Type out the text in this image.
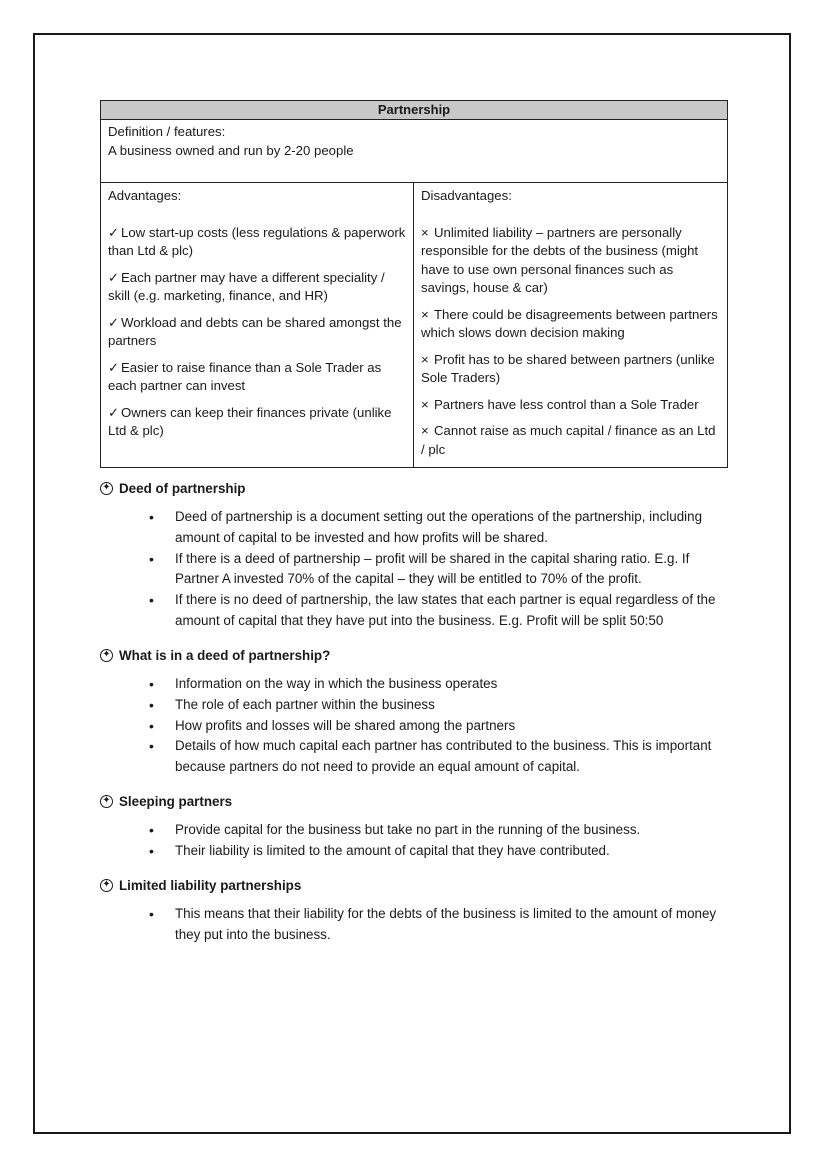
Partnership

Definition / features:
A business owned and run by 2-20 people

Advantages:
✓ Low start-up costs (less regulations & paperwork than Ltd & plc)
✓ Each partner may have a different speciality / skill (e.g. marketing, finance, and HR)
✓ Workload and debts can be shared amongst the partners
✓ Easier to raise finance than a Sole Trader as each partner can invest
✓ Owners can keep their finances private (unlike Ltd & plc)

Disadvantages:
× Unlimited liability – partners are personally responsible for the debts of the business (might have to use own personal finances such as savings, house & car)
× There could be disagreements between partners which slows down decision making
× Profit has to be shared between partners (unlike Sole Traders)
× Partners have less control than a Sole Trader
× Cannot raise as much capital / finance as an Ltd / plc
✦ Deed of partnership
• Deed of partnership is a document setting out the operations of the partnership, including amount of capital to be invested and how profits will be shared.
• If there is a deed of partnership – profit will be shared in the capital sharing ratio. E.g. If Partner A invested 70% of the capital – they will be entitled to 70% of the profit.
• If there is no deed of partnership, the law states that each partner is equal regardless of the amount of capital that they have put into the business. E.g. Profit will be split 50:50
✦ What is in a deed of partnership?
• Information on the way in which the business operates
• The role of each partner within the business
• How profits and losses will be shared among the partners
• Details of how much capital each partner has contributed to the business. This is important because partners do not need to provide an equal amount of capital.
✦ Sleeping partners
• Provide capital for the business but take no part in the running of the business.
• Their liability is limited to the amount of capital that they have contributed.
✦ Limited liability partnerships
• This means that their liability for the debts of the business is limited to the amount of money they put into the business.
